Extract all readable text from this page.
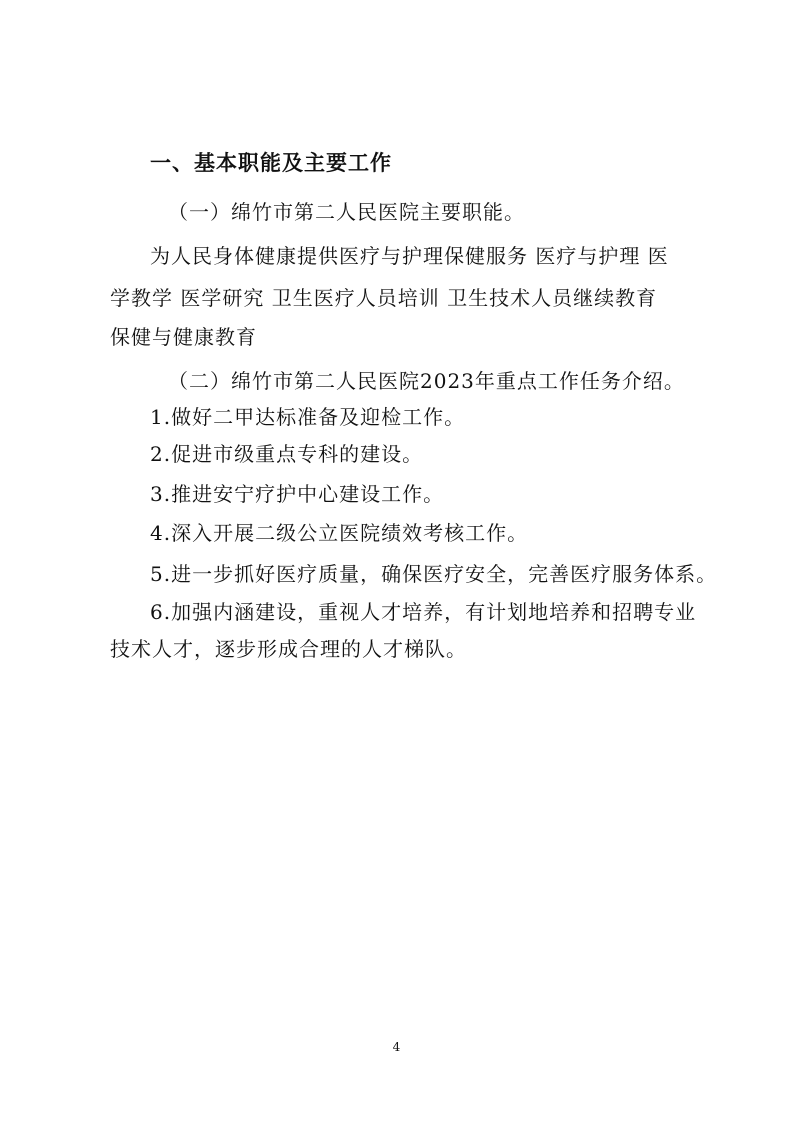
一、基本职能及主要工作
（一）绵竹市第二人民医院主要职能。
为人民身体健康提供医疗与护理保健服务 医疗与护理 医
学教学 医学研究 卫生医疗人员培训 卫生技术人员继续教育
保健与健康教育
（二）绵竹市第二人民医院2023年重点工作任务介绍。
1.做好二甲达标准备及迎检工作。
2.促进市级重点专科的建设。
3.推进安宁疗护中心建设工作。
4.深入开展二级公立医院绩效考核工作。
5.进一步抓好医疗质量，确保医疗安全，完善医疗服务体系。
6.加强内涵建设，重视人才培养，有计划地培养和招聘专业
技术人才，逐步形成合理的人才梯队。
4
